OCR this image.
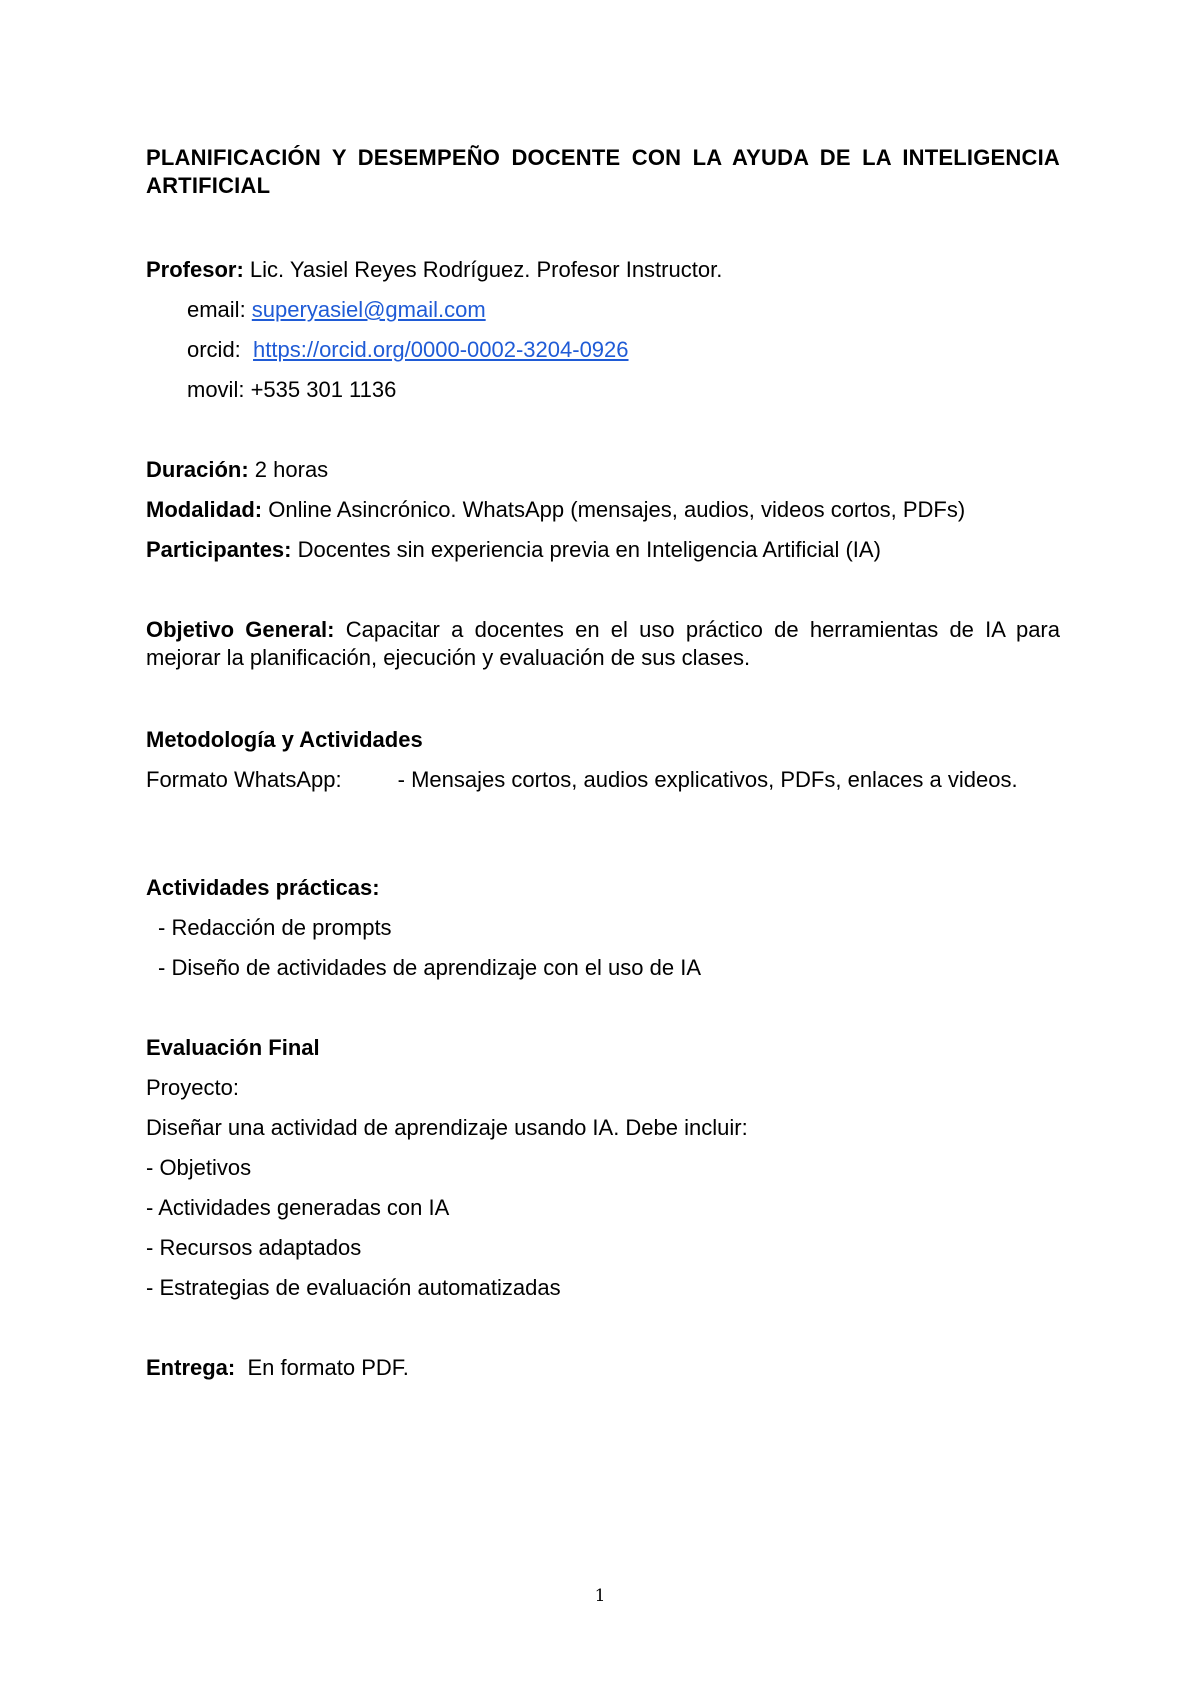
PLANIFICACIÓN Y DESEMPEÑO DOCENTE CON LA AYUDA DE LA INTELIGENCIA ARTIFICIAL
Profesor: Lic. Yasiel Reyes Rodríguez. Profesor Instructor.
email: superyasiel@gmail.com
orcid:  https://orcid.org/0000-0002-3204-0926
movil: +535 301 1136
Duración: 2 horas
Modalidad: Online Asincrónico. WhatsApp (mensajes, audios, videos cortos, PDFs)
Participantes: Docentes sin experiencia previa en Inteligencia Artificial (IA)
Objetivo General: Capacitar a docentes en el uso práctico de herramientas de IA para mejorar la planificación, ejecución y evaluación de sus clases.
Metodología y Actividades
Formato WhatsApp:	- Mensajes cortos, audios explicativos, PDFs, enlaces a videos.
Actividades prácticas:
- Redacción de prompts
- Diseño de actividades de aprendizaje con el uso de IA
Evaluación Final
Proyecto:
Diseñar una actividad de aprendizaje usando IA. Debe incluir:
- Objetivos
- Actividades generadas con IA
- Recursos adaptados
- Estrategias de evaluación automatizadas
Entrega:  En formato PDF.
1
